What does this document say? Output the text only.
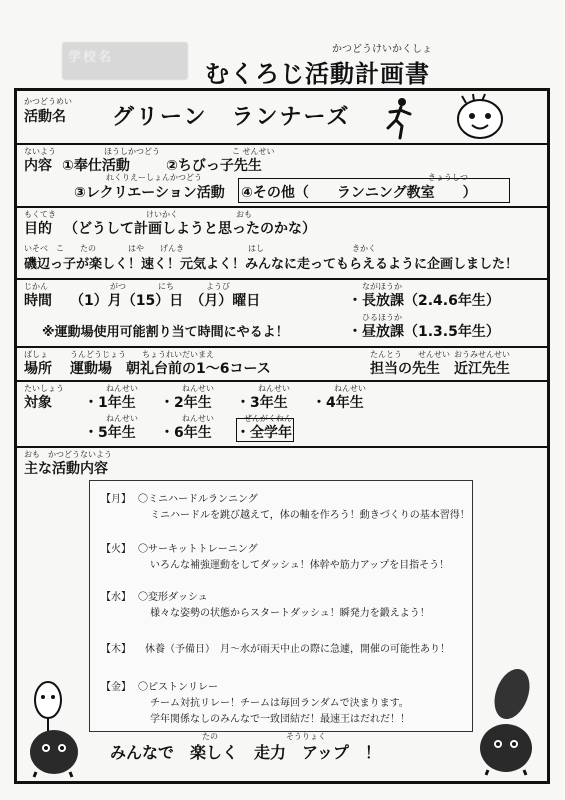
学校名
かつどうけいかくしょ
むくろじ活動計画書
かつどうめい
活動名 グリーン　ランナーズ
ないよう
内容
ほうしかつどう
①奉仕活動
こ せんせい
②ちびっ子先生
れくりえーしょんかつどう
③レクリエーション活動
きょうしつ
④その他（　　ランニング教室　　）
もくてき
目的
けいかく	おも
（どうして計画しようと思ったのかな）
いそべ　こ　　たの　　　　はや　　げんき　　　　　　　　はし　　　　　　　　　　　きかく
磯辺っ子が楽しく！速く！元気よく！みんなに走ってもらえるように企画しました！
じかん
時間
がつ　　　　にち　　　　ようび
（1）月（15）日　（月）曜日
ながほうか
・長放課（2.4.6年生）
※運動場使用可能割り当て時間にやるよ！
ひるほうか
・昼放課（1.3.5年生）
ばしょ
場所
うんどうじょう　　ちょうれいだいまえ
運動場　朝礼台前の1～6コース
たんとう　　せんせい
担当の先生
おうみせんせい
近江先生
たいしょう
対象
ねんせい	ねんせい	ねんせい	ねんせい
・1年生 ・2年生 ・3年生 ・4年生
ねんせい	ねんせい	ぜんがくねん
・5年生 ・6年生 ・全学年
おも　かつどうないよう
主な活動内容
【月】 〇ミニハードルランニング
ミニハードルを跳び越えて，体の軸を作ろう！動きづくりの基本習得！
【火】 〇サーキットトレーニング
いろんな補強運動をしてダッシュ！体幹や筋力アップを目指そう！
【水】 〇変形ダッシュ
様々な姿勢の状態からスタートダッシュ！瞬発力を鍛えよう！
【木】 休養（予備日）　月～水が雨天中止の際に急遽，開催の可能性あり！
【金】 〇ピストンリレー
チーム対抗リレー！チームは毎回ランダムで決まります。
学年関係なしのみんなで一致団結だ！最速王はだれだ！！
たの	そうりょく
みんなで　楽しく　走力　アップ　！
